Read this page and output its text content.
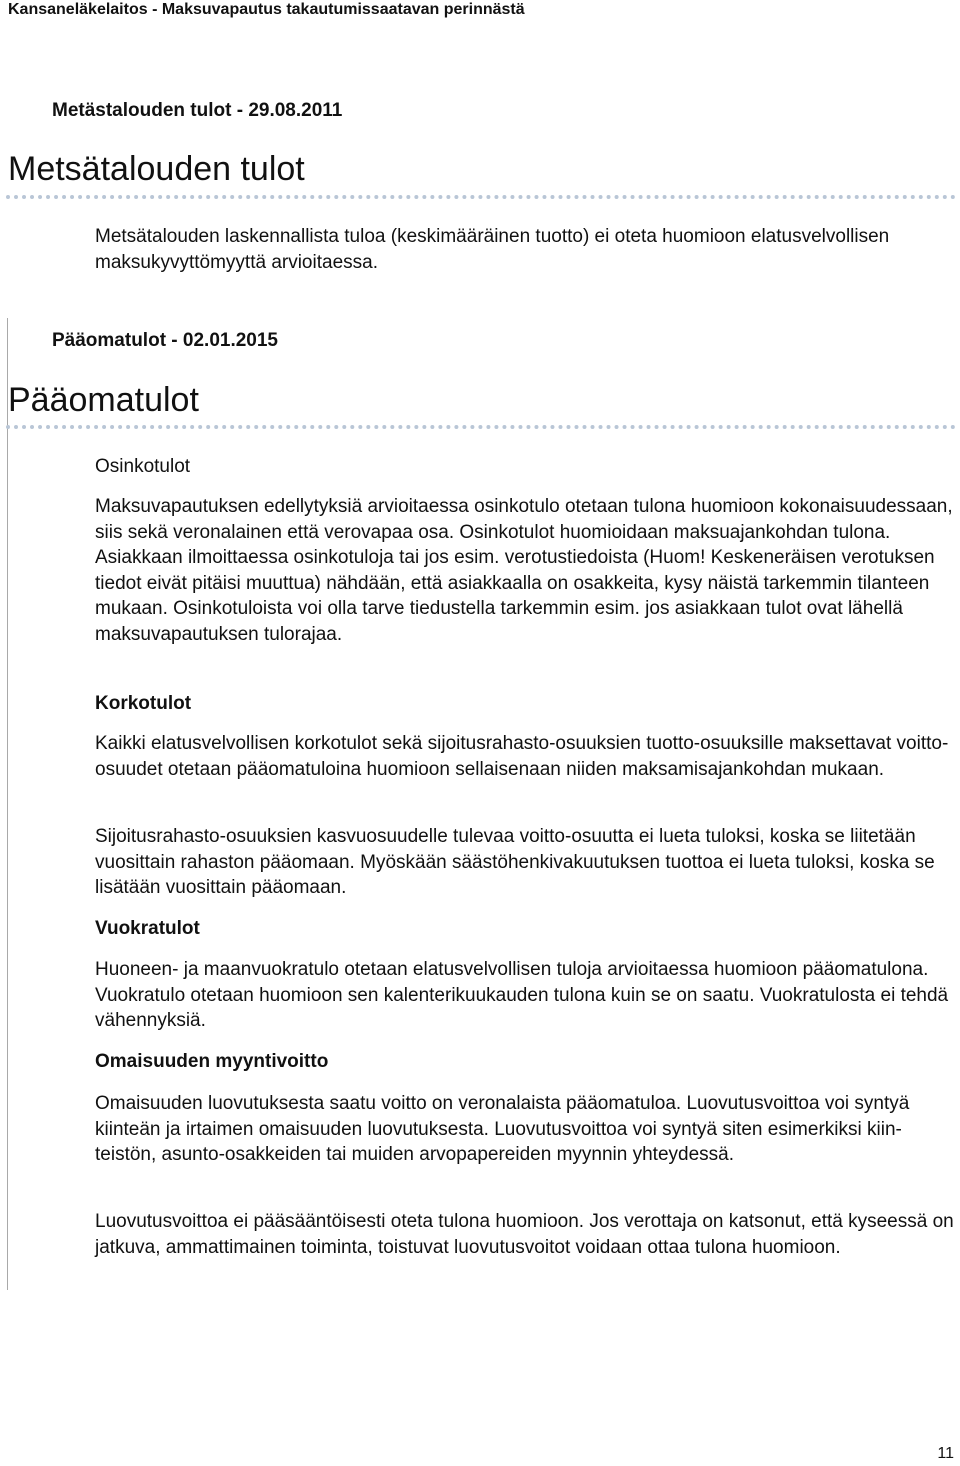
Kansaneläkelaitos - Maksuvapautus takautumissaatavan perinnästä
Metästalouden tulot - 29.08.2011
Metsätalouden tulot

Metsätalouden laskennallista tuloa (keskimääräinen tuotto) ei oteta huomioon elatusvelvollisen maksukyvyttömyyttä arvioitaessa.

Pääomatulot - 02.01.2015
Pääomatulot
Osinkotulot

Maksuvapautuksen edellytyksiä arvioitaessa osinkotulo otetaan tulona huomioon kokonaisuudessaan, siis sekä veronalainen että verovapaa osa. Osinkotulot huomioidaan maksuajankohdan tulona. Asiakkaan ilmoittaessa osinkotuloja tai jos esim. verotustiedoista (Huom! Keskeneräisen verotuksen tiedot eivät pitäisi muuttua) nähdään, että asiakkaalla on osakkeita, kysy näistä tarkemmin tilanteen mukaan. Osinkotuloista voi olla tarve tiedustella tarkemmin esim. jos asiakkaan tulot ovat lähellä maksuvapautuksen tulorajaa.

Korkotulot

Kaikki elatusvelvollisen korkotulot sekä sijoitusrahasto-osuuksien tuotto-osuuksille maksettavat voitto-osuudet otetaan pääomatuloina huomioon sellaisenaan niiden maksamisajankohdan mukaan.

Sijoitusrahasto-osuuksien kasvuosuudelle tulevaa voitto-osuutta ei lueta tuloksi, koska se liitetään vuosittain rahaston pääomaan. Myöskään säästöhenkivakuutuksen tuottoa ei lueta tuloksi, koska se lisätään vuosittain pääomaan.

Vuokratulot

Huoneen- ja maanvuokratulo otetaan elatusvelvollisen tuloja arvioitaessa huomioon pääomatulona. Vuokratulo otetaan huomioon sen kalenterikuukauden tulona kuin se on saatu. Vuokratulosta ei tehdä vähennyksiä.

Omaisuuden myyntivoitto

Omaisuuden luovutuksesta saatu voitto on veronalaista pääomatuloa. Luovutusvoittoa voi syntyä kiinteän ja irtaimen omaisuuden luovutuksesta. Luovutusvoittoa voi syntyä siten esimerkiksi kiin-teistön, asunto-osakkeiden tai muiden arvopapereiden myynnin yhteydessä.

Luovutusvoittoa ei pääsääntöisesti oteta tulona huomioon. Jos verottaja on katsonut, että kyseessä on jatkuva, ammattimainen toiminta, toistuvat luovutusvoitot voidaan ottaa tulona huomioon.

11
